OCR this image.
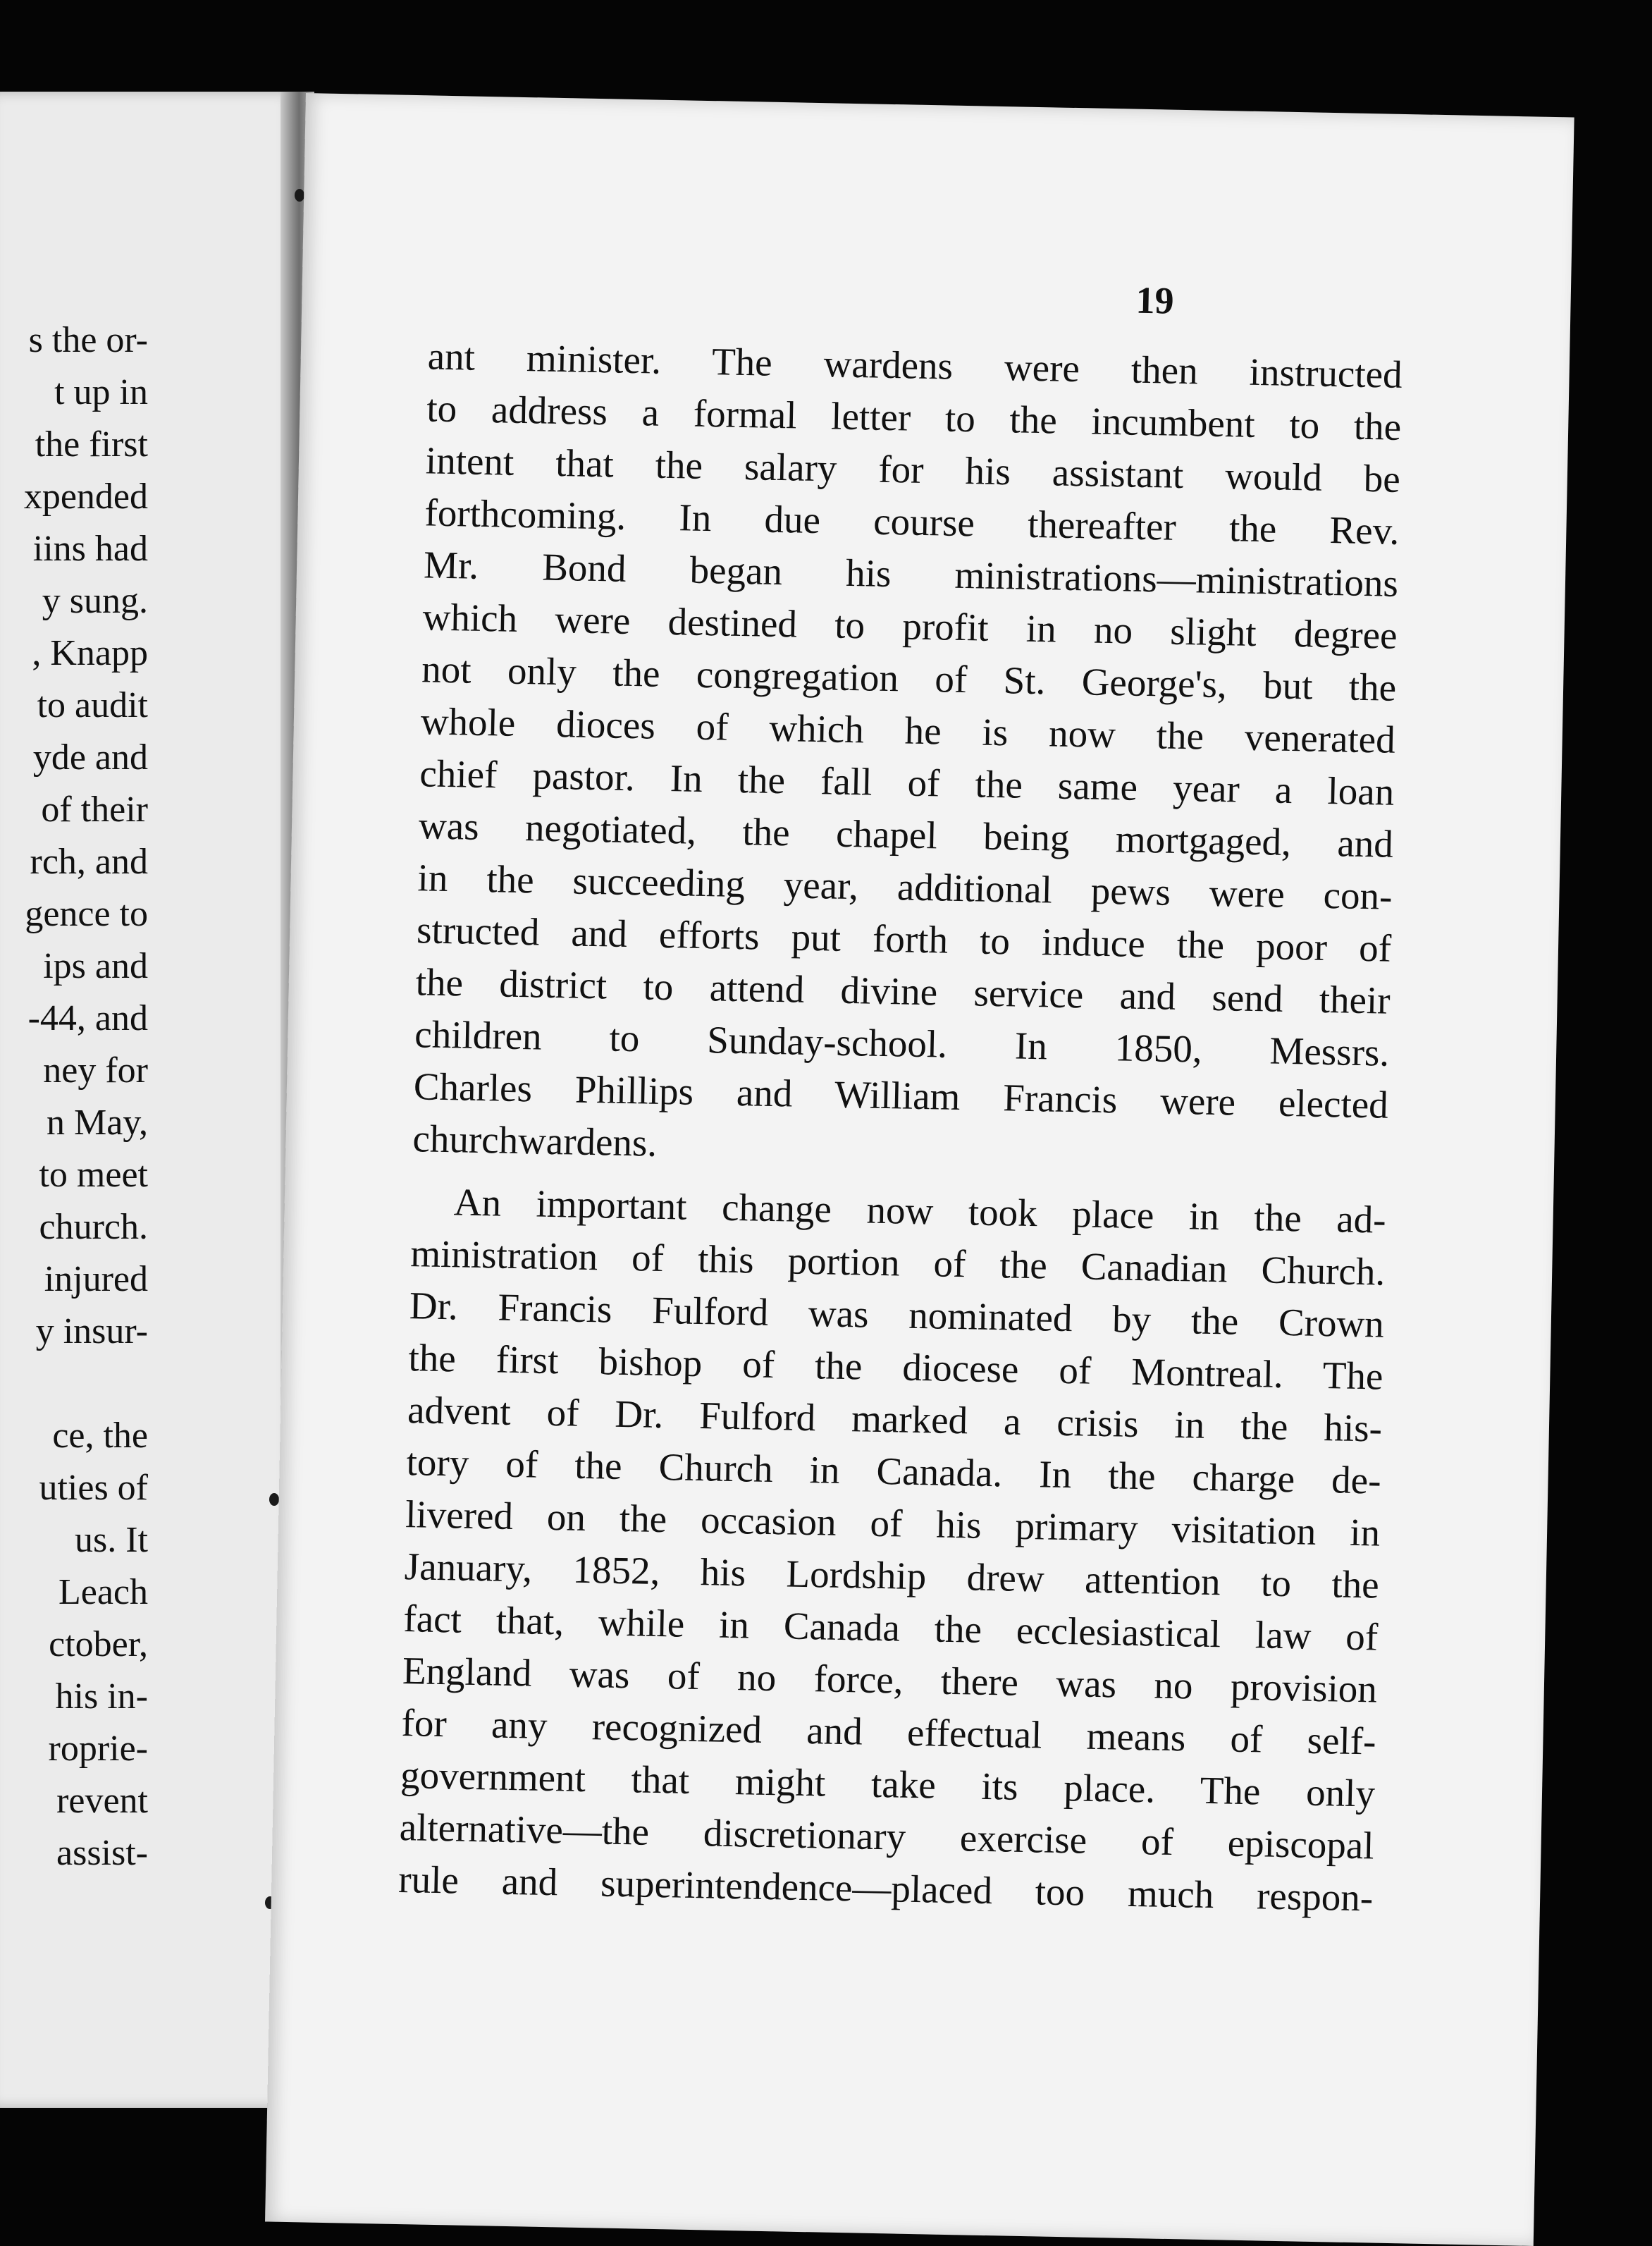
s the or-
t up in
the first
xpended
iins had
y sung.
, Knapp
to audit
yde and
of their
rch, and
gence to
ips and
-44, and
ney for
n May,
to meet
church.
injured
y insur-
ce, the
uties of
us. It
Leach
ctober,
his in-
roprie-
revent
assist-
19
ant minister. The wardens were then instructed
to address a formal letter to the incumbent to the
intent that the salary for his assistant would be
forthcoming. In due course thereafter the Rev.
Mr. Bond began his ministrations—ministrations
which were destined to profit in no slight degree
not only the congregation of St. George's, but the
whole dioces of which he is now the venerated
chief pastor. In the fall of the same year a loan
was negotiated, the chapel being mortgaged, and
in the succeeding year, additional pews were con-
structed and efforts put forth to induce the poor of
the district to attend divine service and send their
children to Sunday-school. In 1850, Messrs.
Charles Phillips and William Francis were elected
churchwardens.
An important change now took place in the ad-
ministration of this portion of the Canadian Church.
Dr. Francis Fulford was nominated by the Crown
the first bishop of the diocese of Montreal. The
advent of Dr. Fulford marked a crisis in the his-
tory of the Church in Canada. In the charge de-
livered on the occasion of his primary visitation in
January, 1852, his Lordship drew attention to the
fact that, while in Canada the ecclesiastical law of
England was of no force, there was no provision
for any recognized and effectual means of self-
government that might take its place. The only
alternative—the discretionary exercise of episcopal
rule and superintendence—placed too much respon-
